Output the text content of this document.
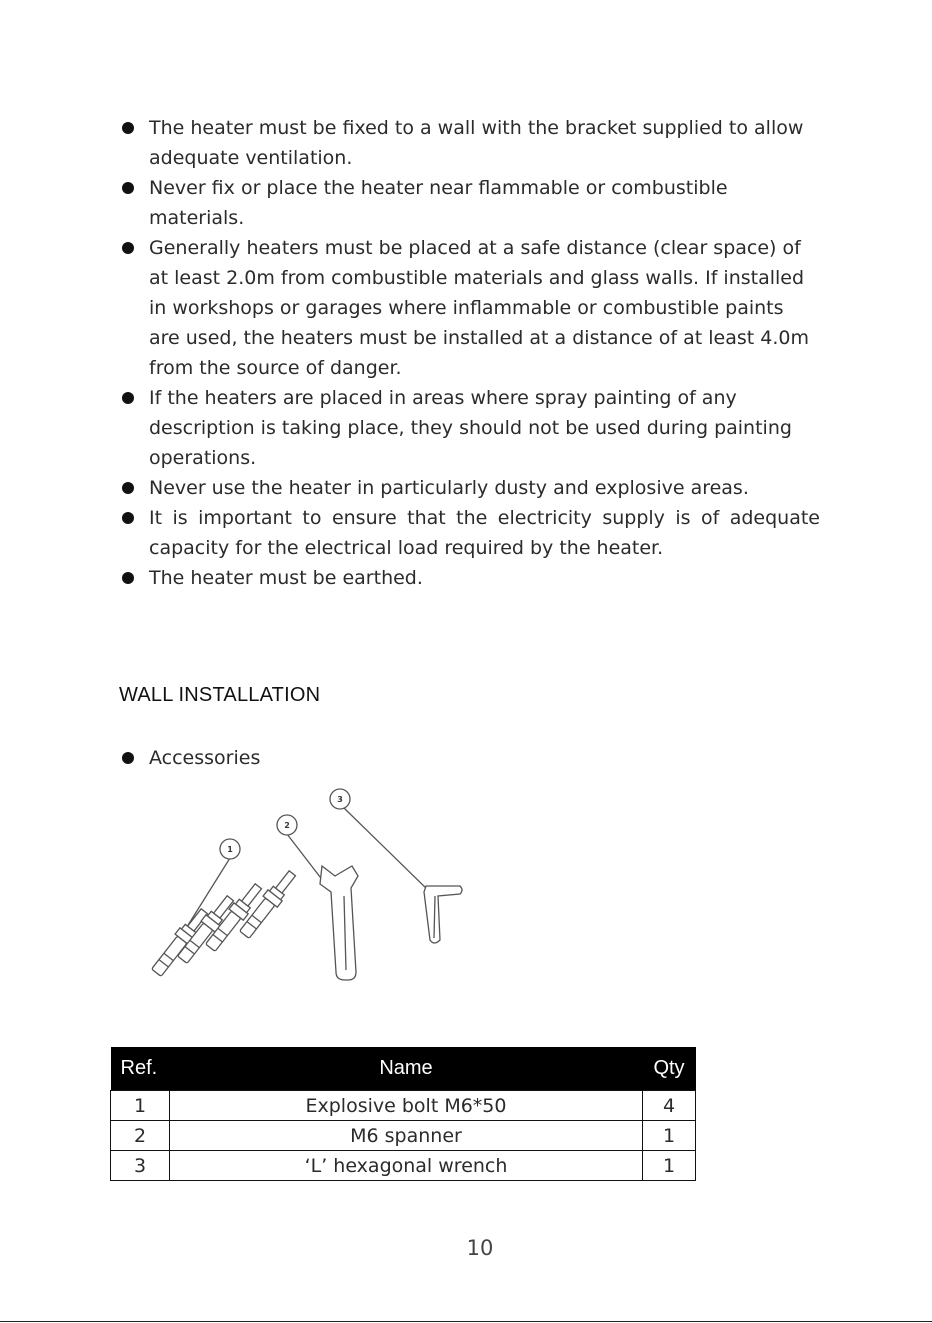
The heater must be fixed to a wall with the bracket supplied to allow adequate ventilation.
Never fix or place the heater near flammable or combustible materials.
Generally heaters must be placed at a safe distance (clear space) of at least 2.0m from combustible materials and glass walls. If installed in workshops or garages where inflammable or combustible paints are used, the heaters must be installed at a distance of at least 4.0m from the source of danger.
If the heaters are placed in areas where spray painting of any description is taking place, they should not be used during painting operations.
Never use the heater in particularly dusty and explosive areas.
It is important to ensure that the electricity supply is of adequate capacity for the electrical load required by the heater.
The heater must be earthed.
WALL INSTALLATION
Accessories
1
2
3
Ref.	Name	Qty
1	Explosive bolt M6*50	4
2	M6 spanner	1
3	‘L’ hexagonal wrench	1
10
